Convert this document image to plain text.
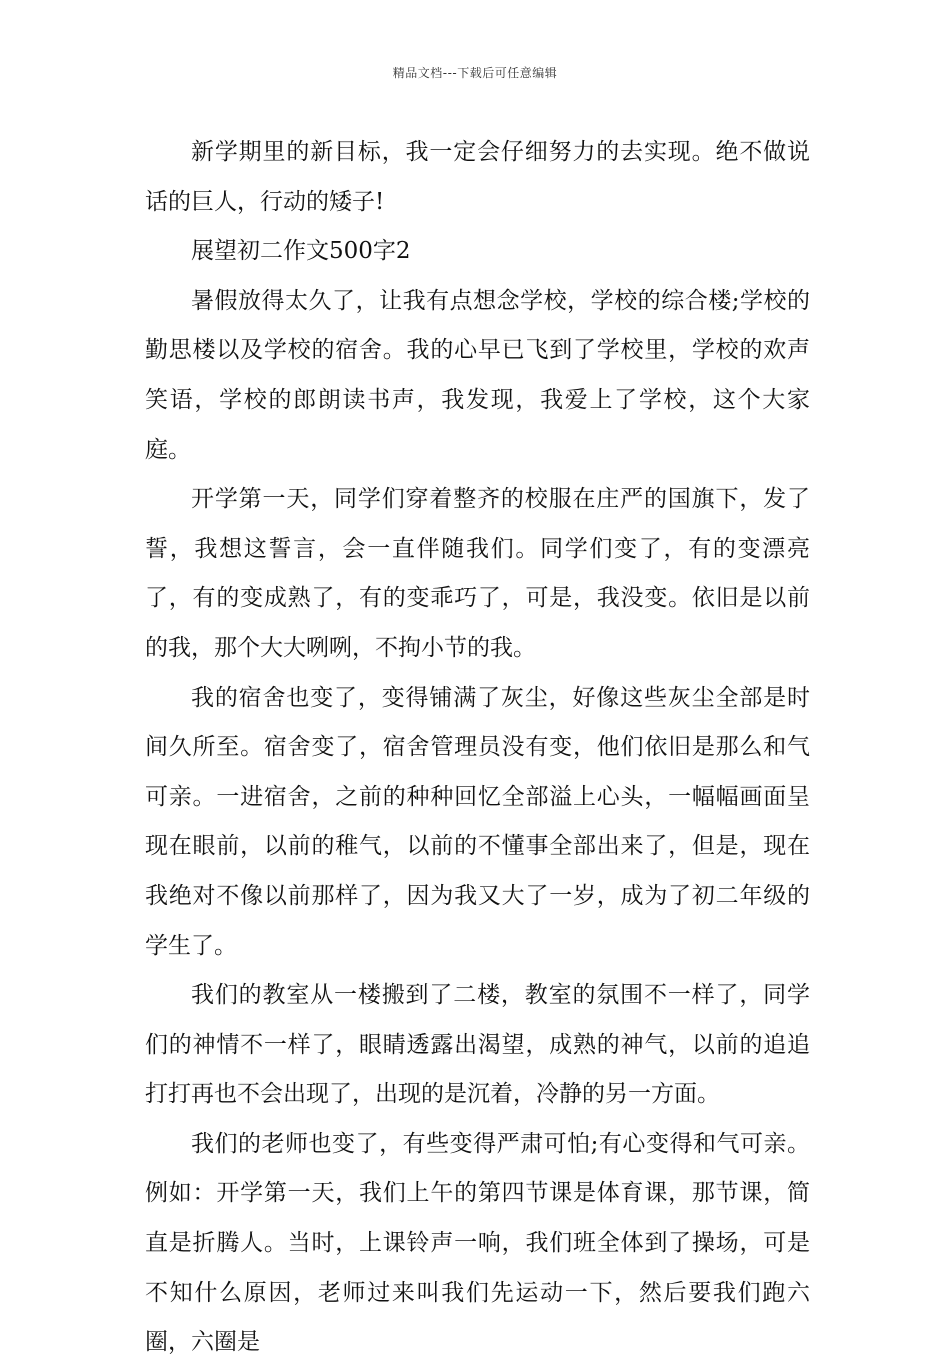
精品文档---下载后可任意编辑

新学期里的新目标，我一定会仔细努力的去实现。绝不做说话的巨人，行动的矮子!

展望初二作文500字2

暑假放得太久了，让我有点想念学校，学校的综合楼;学校的勤思楼以及学校的宿舍。我的心早已飞到了学校里，学校的欢声笑语，学校的郎朗读书声，我发现，我爱上了学校，这个大家庭。

开学第一天，同学们穿着整齐的校服在庄严的国旗下，发了誓，我想这誓言，会一直伴随我们。同学们变了，有的变漂亮了，有的变成熟了，有的变乖巧了，可是，我没变。依旧是以前的我，那个大大咧咧，不拘小节的我。

我的宿舍也变了，变得铺满了灰尘，好像这些灰尘全部是时间久所至。宿舍变了，宿舍管理员没有变，他们依旧是那么和气可亲。一进宿舍，之前的种种回忆全部溢上心头，一幅幅画面呈现在眼前，以前的稚气，以前的不懂事全部出来了，但是，现在我绝对不像以前那样了，因为我又大了一岁，成为了初二年级的学生了。

我们的教室从一楼搬到了二楼，教室的氛围不一样了，同学们的神情不一样了，眼睛透露出渴望，成熟的神气，以前的追追打打再也不会出现了，出现的是沉着，冷静的另一方面。

我们的老师也变了，有些变得严肃可怕;有心变得和气可亲。例如：开学第一天，我们上午的第四节课是体育课，那节课，简直是折腾人。当时，上课铃声一响，我们班全体到了操场，可是不知什么原因，老师过来叫我们先运动一下，然后要我们跑六圈，六圈是
